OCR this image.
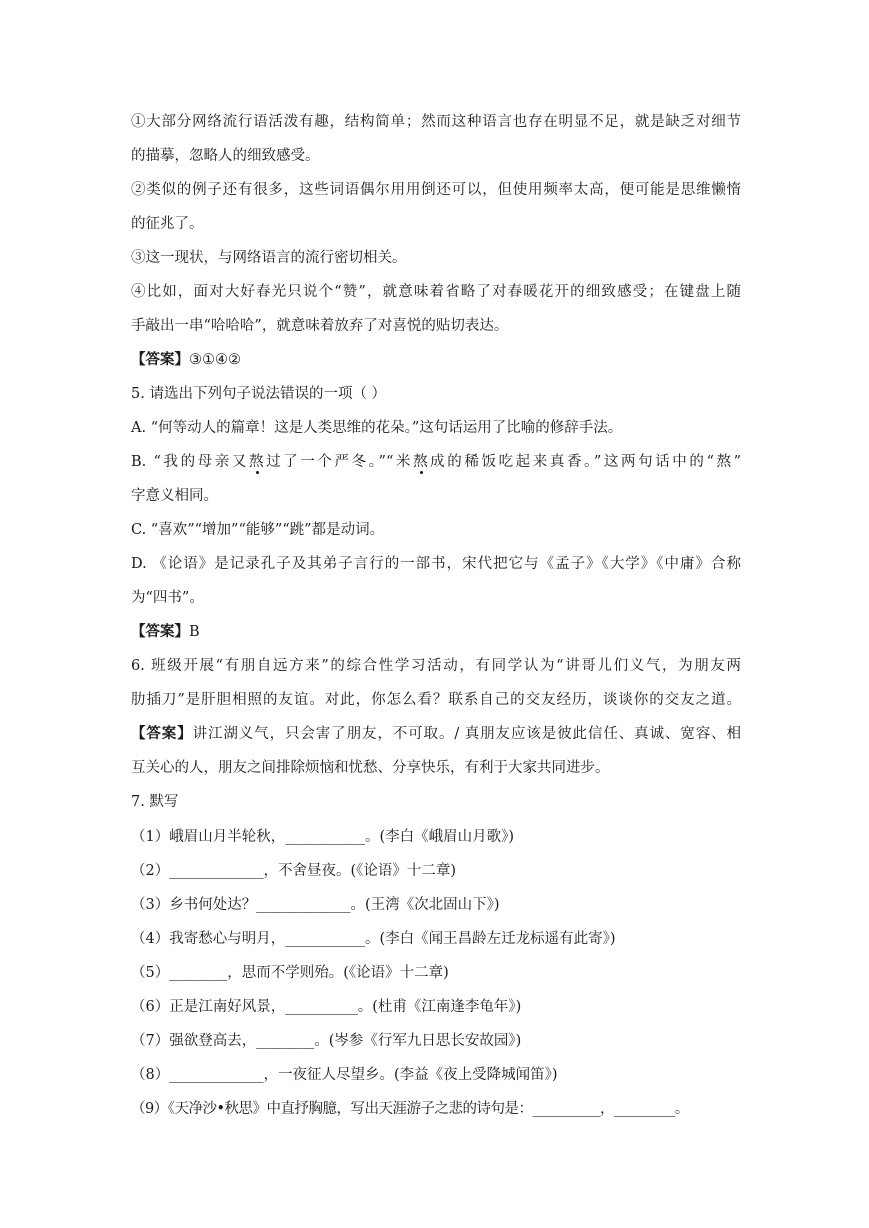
①大部分网络流行语活泼有趣，结构简单；然而这种语言也存在明显不足，就是缺乏对细节
的描摹，忽略人的细致感受。
②类似的例子还有很多，这些词语偶尔用用倒还可以，但使用频率太高，便可能是思维懒惰
的征兆了。
③这一现状，与网络语言的流行密切相关。
④比如，面对大好春光只说个“赞”，就意味着省略了对春暖花开的细致感受；在键盘上随
手敲出一串“哈哈哈”，就意味着放弃了对喜悦的贴切表达。
【答案】③①④②
5. 请选出下列句子说法错误的一项（ ）
A. “何等动人的篇章！这是人类思维的花朵。”这句话运用了比喻的修辞手法。
B. “我的母亲又熬过了一个严冬。”“米熬成的稀饭吃起来真香。”这两句话中的“熬”
字意义相同。
C. “喜欢”“增加”“能够”“跳”都是动词。
D. 《论语》是记录孔子及其弟子言行的一部书，宋代把它与《孟子》《大学》《中庸》合称
为“四书”。
【答案】B
6. 班级开展“有朋自远方来”的综合性学习活动，有同学认为“讲哥儿们义气，为朋友两
肋插刀”是肝胆相照的友谊。对此，你怎么看？联系自己的交友经历，谈谈你的交友之道。
【答案】讲江湖义气，只会害了朋友，不可取。/ 真朋友应该是彼此信任、真诚、宽容、相
互关心的人，朋友之间排除烦恼和忧愁、分享快乐，有利于大家共同进步。
7. 默写
（1）峨眉山月半轮秋，___________。(李白《峨眉山月歌》)
（2）_____________，不舍昼夜。(《论语》十二章)
（3）乡书何处达？_____________。(王湾《次北固山下》)
（4）我寄愁心与明月，___________。(李白《闻王昌龄左迁龙标遥有此寄》)
（5）________，思而不学则殆。(《论语》十二章)
（6）正是江南好风景，__________。(杜甫《江南逢李龟年》)
（7）强欲登高去，________。(岑参《行军九日思长安故园》)
（8）_____________，一夜征人尽望乡。(李益《夜上受降城闻笛》)
（9）《天净沙•秋思》中直抒胸臆，写出天涯游子之悲的诗句是：__________，_________。
